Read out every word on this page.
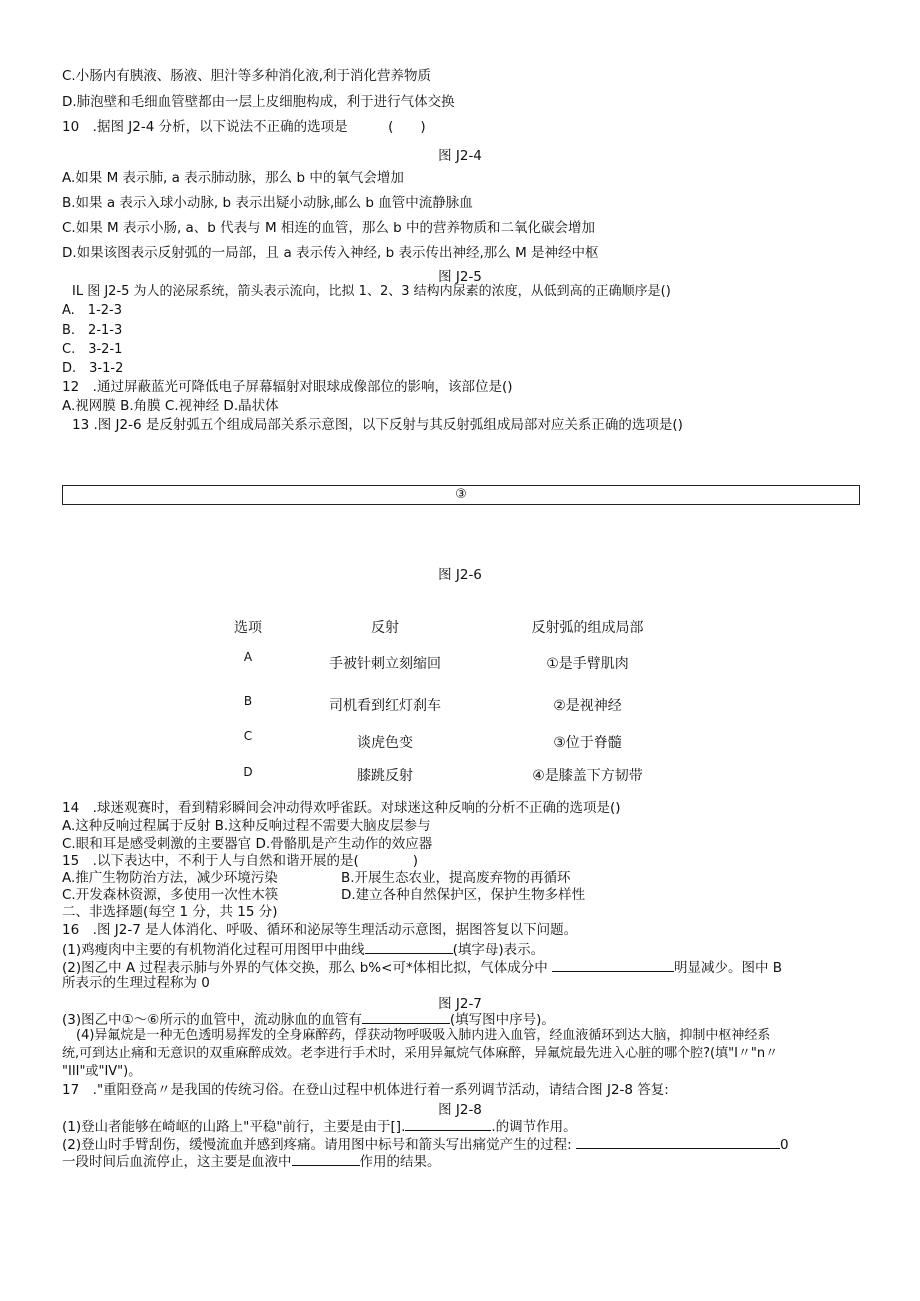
C.小肠内有胰液、肠液、胆汁等多种消化液,利于消化营养物质
D.肺泡壁和毛细血管壁都由一层上皮细胞构成，利于进行气体交换
10　.据图 J2-4 分析，以下说法不正确的选项是　　　(　　)
图 J2-4
A.如果 M 表示肺, a 表示肺动脉，那么 b 中的氧气会增加
B.如果 a 表示入球小动脉, b 表示出疑小动脉,邮么 b 血管中流静脉血
C.如果 M 表示小肠, a、b 代表与 M 相连的血管，那么 b 中的营养物质和二氧化碳会增加
D.如果该图表示反射弧的一局部，且 a 表示传入神经, b 表示传出神经,那么 M 是神经中枢
图 J2-5
IL 图 J2-5 为人的泌尿系统，箭头表示流向，比拟 1、2、3 结构内尿素的浓度，从低到高的正确顺序是()
A.　1-2-3
B.　2-1-3
C.　3-2-1
D.　3-1-2
12　.通过屏蔽蓝光可降低电子屏幕辐射对眼球成像部位的影响，该部位是()
A.视网膜 B.角膜 C.视神经 D.晶状体
13 .图 J2-6 是反射弧五个组成局部关系示意图，以下反射与其反射弧组成局部对应关系正确的选项是()
③
图 J2-6
选项	反射	反射弧的组成局部
A	手被针刺立刻缩回	①是手臂肌肉
B	司机看到红灯刹车	②是视神经
C	谈虎色变	③位于脊髓
D	膝跳反射	④是膝盖下方韧带
14　.球迷观赛时，看到精彩瞬间会冲动得欢呼雀跃。对球迷这种反响的分析不正确的选项是()
A.这种反响过程属于反射 B.这种反响过程不需要大脑皮层参与
C.眼和耳是感受刺激的主要器官 D.骨骼肌是产生动作的效应器
15　.以下表达中，不利于人与自然和谐开展的是(　　　　)
A.推广生物防治方法，减少环境污染	B.开展生态农业，提高废弃物的再循环
C.开发森林资源，多使用一次性木筷	D.建立各种自然保护区，保护生物多样性
二、非选择题(每空 1 分，共 15 分)
16　.图 J2-7 是人体消化、呼吸、循环和泌尿等生理活动示意图，据图答复以下问题。
(1)鸡瘦肉中主要的有机物消化过程可用图甲中曲线	(填字母)表示。
(2)图乙中 A 过程表示肺与外界的气体交换，那么 b%<可*体相比拟，气体成分中	明显减少。图中 B
所表示的生理过程称为 0
图 J2-7
(3)图乙中①〜⑥所示的血管中，流动脉血的血管有	(填写图中序号)。
(4)异氟烷是一种无色透明易挥发的全身麻醉药，俘获动物呼吸吸入肺内进入血管，经血液循环到达大脑，抑制中枢神经系
统,可到达止痛和无意识的双重麻醉成效。老李进行手术时，采用异氟烷气体麻醉，异氟烷最先进入心脏的哪个腔?(填"I〃"n〃
"III"或"IV")。
17　."重阳登高〃是我国的传统习俗。在登山过程中机体进行着一系列调节活动，请结合图 J2-8 答复:
图 J2-8
(1)登山者能够在崎岖的山路上"平稳"前行，主要是由于[].	.的调节作用。
(2)登山时手臂刮伤，缓慢流血并感到疼痛。请用图中标号和箭头写出痛觉产生的过程:	0
一段时间后血流停止，这主要是血液中	作用的结果。
